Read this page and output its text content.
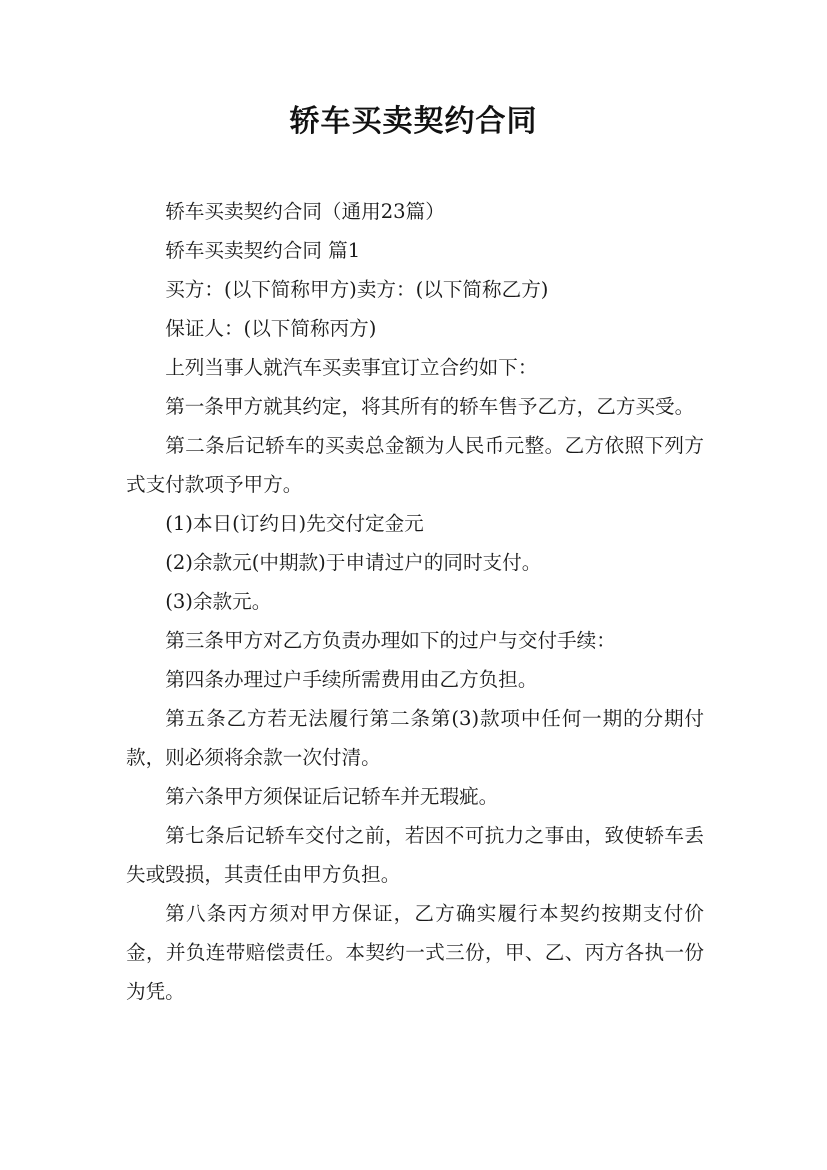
轿车买卖契约合同

轿车买卖契约合同（通用23篇）

轿车买卖契约合同 篇1

买方：(以下简称甲方)卖方：(以下简称乙方)

保证人：(以下简称丙方)

上列当事人就汽车买卖事宜订立合约如下：

第一条甲方就其约定，将其所有的轿车售予乙方，乙方买受。

第二条后记轿车的买卖总金额为人民币元整。乙方依照下列方式支付款项予甲方。

(1)本日(订约日)先交付定金元

(2)余款元(中期款)于申请过户的同时支付。

(3)余款元。

第三条甲方对乙方负责办理如下的过户与交付手续：

第四条办理过户手续所需费用由乙方负担。

第五条乙方若无法履行第二条第(3)款项中任何一期的分期付款，则必须将余款一次付清。

第六条甲方须保证后记轿车并无瑕疵。

第七条后记轿车交付之前，若因不可抗力之事由，致使轿车丢失或毁损，其责任由甲方负担。

第八条丙方须对甲方保证，乙方确实履行本契约按期支付价金，并负连带赔偿责任。本契约一式三份，甲、乙、丙方各执一份为凭。
